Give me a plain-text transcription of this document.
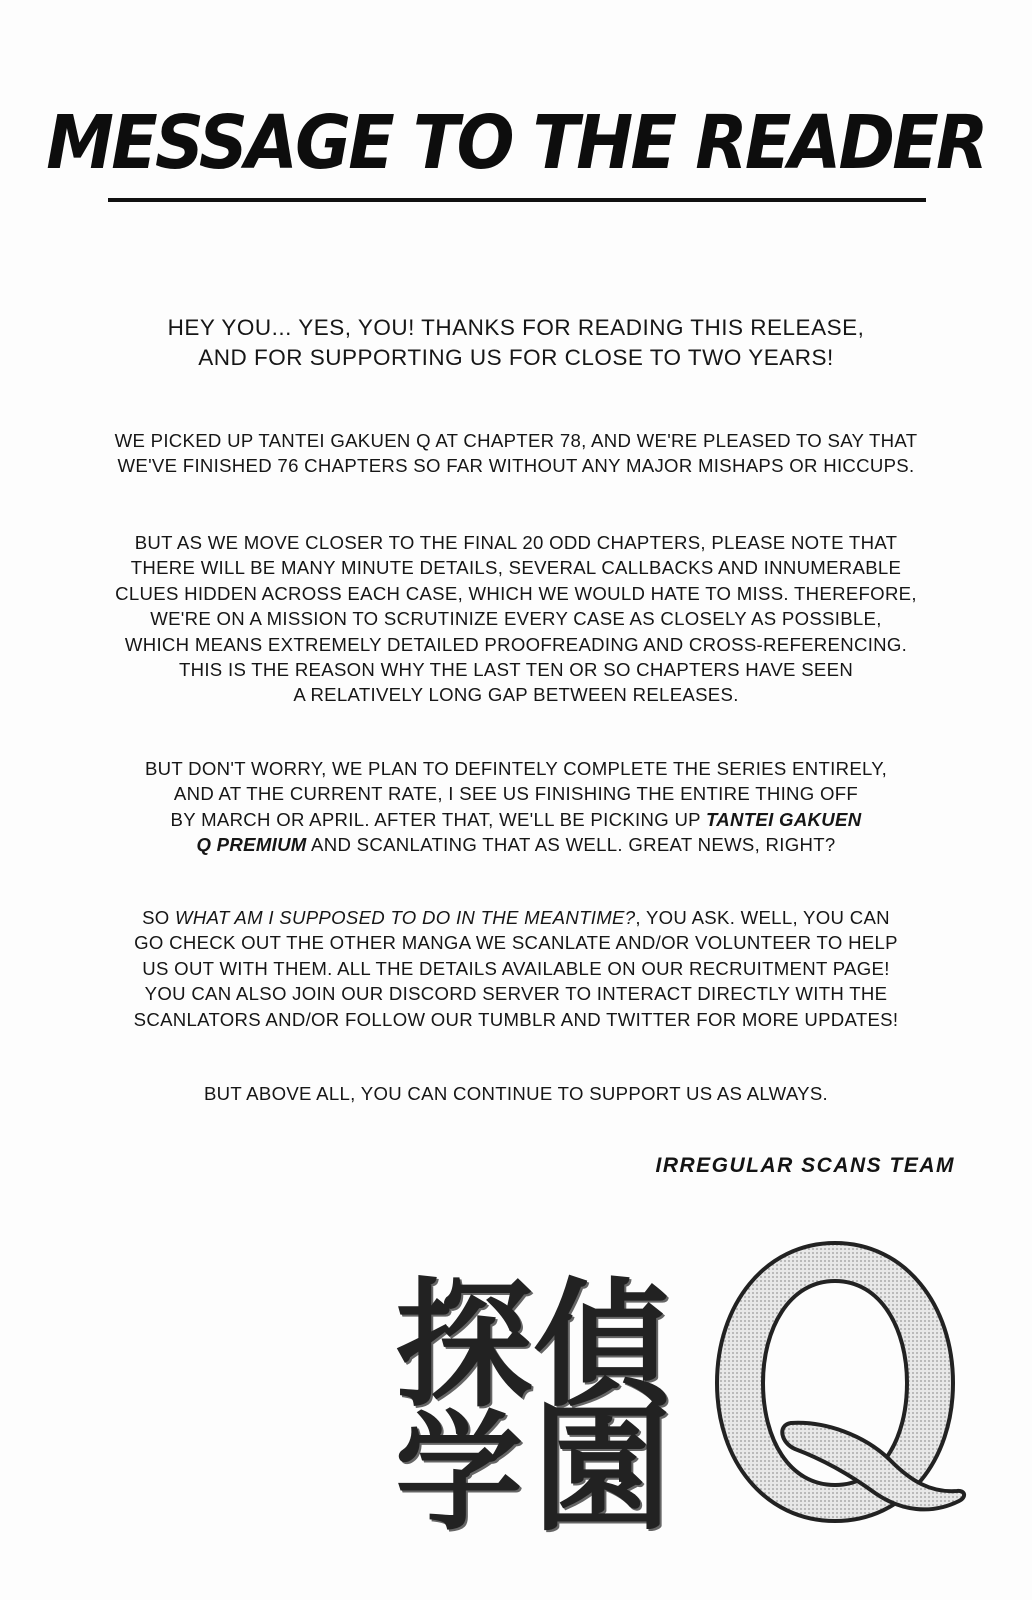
MESSAGE TO THE READER
HEY YOU... YES, YOU! THANKS FOR READING THIS RELEASE,
AND FOR SUPPORTING US FOR CLOSE TO TWO YEARS!
WE PICKED UP TANTEI GAKUEN Q AT CHAPTER 78, AND WE'RE PLEASED TO SAY THAT
WE'VE FINISHED 76 CHAPTERS SO FAR WITHOUT ANY MAJOR MISHAPS OR HICCUPS.
BUT AS WE MOVE CLOSER TO THE FINAL 20 ODD CHAPTERS, PLEASE NOTE THAT
THERE WILL BE MANY MINUTE DETAILS, SEVERAL CALLBACKS AND INNUMERABLE
CLUES HIDDEN ACROSS EACH CASE, WHICH WE WOULD HATE TO MISS. THEREFORE,
WE'RE ON A MISSION TO SCRUTINIZE EVERY CASE AS CLOSELY AS POSSIBLE,
WHICH MEANS EXTREMELY DETAILED PROOFREADING AND CROSS-REFERENCING.
THIS IS THE REASON WHY THE LAST TEN OR SO CHAPTERS HAVE SEEN
A RELATIVELY LONG GAP BETWEEN RELEASES.
BUT DON'T WORRY, WE PLAN TO DEFINTELY COMPLETE THE SERIES ENTIRELY,
AND AT THE CURRENT RATE, I SEE US FINISHING THE ENTIRE THING OFF
BY MARCH OR APRIL. AFTER THAT, WE'LL BE PICKING UP TANTEI GAKUEN
Q PREMIUM AND SCANLATING THAT AS WELL. GREAT NEWS, RIGHT?
SO WHAT AM I SUPPOSED TO DO IN THE MEANTIME?, YOU ASK. WELL, YOU CAN
GO CHECK OUT THE OTHER MANGA WE SCANLATE AND/OR VOLUNTEER TO HELP
US OUT WITH THEM. ALL THE DETAILS AVAILABLE ON OUR RECRUITMENT PAGE!
YOU CAN ALSO JOIN OUR DISCORD SERVER TO INTERACT DIRECTLY WITH THE
SCANLATORS AND/OR FOLLOW OUR TUMBLR AND TWITTER FOR MORE UPDATES!
BUT ABOVE ALL, YOU CAN CONTINUE TO SUPPORT US AS ALWAYS.
IRREGULAR SCANS TEAM
探 偵
学 園	Q
